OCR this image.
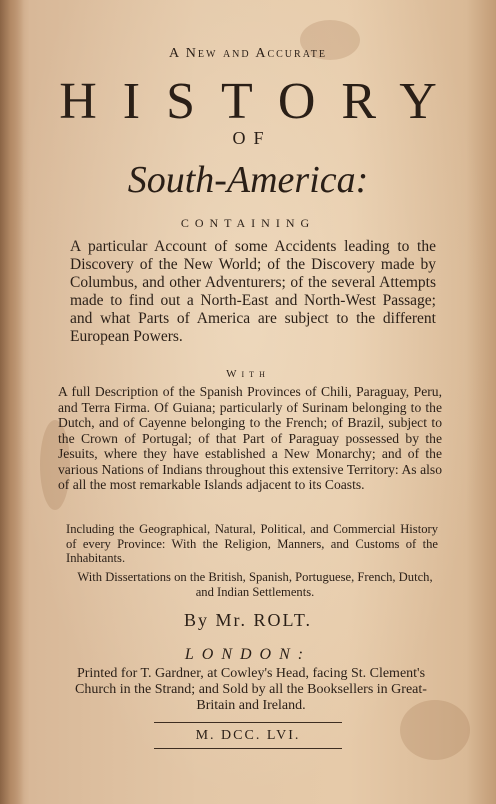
A New and Accurate
HISTORY
OF
South-America:
CONTAINING
A particular Account of some Accidents leading to the Discovery of the New World; of the Discovery made by Columbus, and other Adventurers; of the several Attempts made to find out a North-East and North-West Passage; and what Parts of America are subject to the different European Powers.
With
A full Description of the Spanish Provinces of Chili, Paraguay, Peru, and Terra Firma. Of Guiana; particularly of Surinam belonging to the Dutch, and of Cayenne belonging to the French; of Brazil, subject to the Crown of Portugal; of that Part of Paraguay possessed by the Jesuits, where they have established a New Monarchy; and of the various Nations of Indians throughout this extensive Territory: As also of all the most remarkable Islands adjacent to its Coasts.
Including the Geographical, Natural, Political, and Commercial History of every Province: With the Religion, Manners, and Customs of the Inhabitants.
With Dissertations on the British, Spanish, Portuguese, French, Dutch, and Indian Settlements.
By Mr. ROLT.
LONDON:
Printed for T. Gardner, at Cowley's Head, facing St. Clement's Church in the Strand; and Sold by all the Booksellers in Great-Britain and Ireland.
M. DCC. LVI.
